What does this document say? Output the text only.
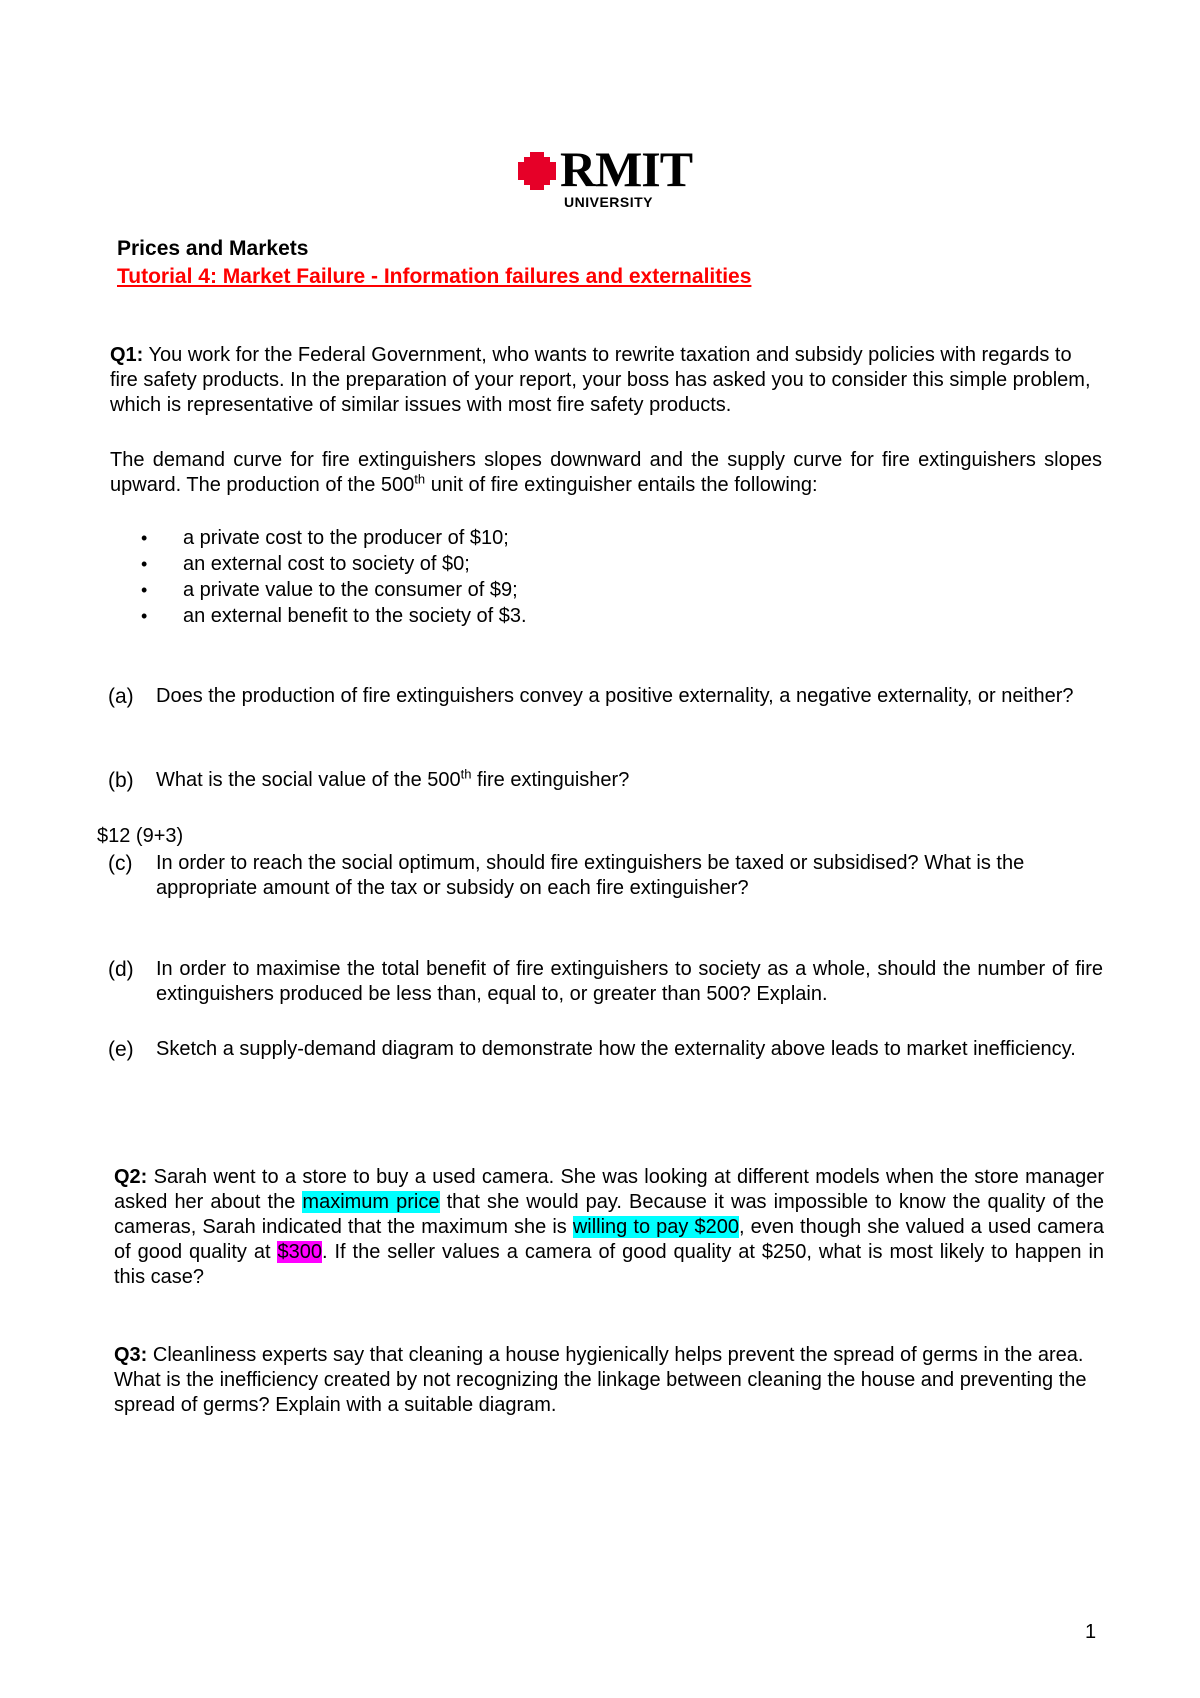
RMIT
UNIVERSITY
Prices and Markets
Tutorial 4: Market Failure - Information failures and externalities
Q1: You work for the Federal Government, who wants to rewrite taxation and subsidy policies with regards to fire safety products. In the preparation of your report, your boss has asked you to consider this simple problem, which is representative of similar issues with most fire safety products.
The demand curve for fire extinguishers slopes downward and the supply curve for fire extinguishers slopes upward. The production of the 500th unit of fire extinguisher entails the following:
• a private cost to the producer of $10;
• an external cost to society of $0;
• a private value to the consumer of $9;
• an external benefit to the society of $3.
(a) Does the production of fire extinguishers convey a positive externality, a negative externality, or neither?
(b) What is the social value of the 500th fire extinguisher?
$12 (9+3)
(c) In order to reach the social optimum, should fire extinguishers be taxed or subsidised? What is the appropriate amount of the tax or subsidy on each fire extinguisher?
(d) In order to maximise the total benefit of fire extinguishers to society as a whole, should the number of fire extinguishers produced be less than, equal to, or greater than 500? Explain.
(e) Sketch a supply-demand diagram to demonstrate how the externality above leads to market inefficiency.
Q2: Sarah went to a store to buy a used camera. She was looking at different models when the store manager asked her about the maximum price that she would pay. Because it was impossible to know the quality of the cameras, Sarah indicated that the maximum she is willing to pay $200, even though she valued a used camera of good quality at $300. If the seller values a camera of good quality at $250, what is most likely to happen in this case?
Q3: Cleanliness experts say that cleaning a house hygienically helps prevent the spread of germs in the area. What is the inefficiency created by not recognizing the linkage between cleaning the house and preventing the spread of germs? Explain with a suitable diagram.
1
